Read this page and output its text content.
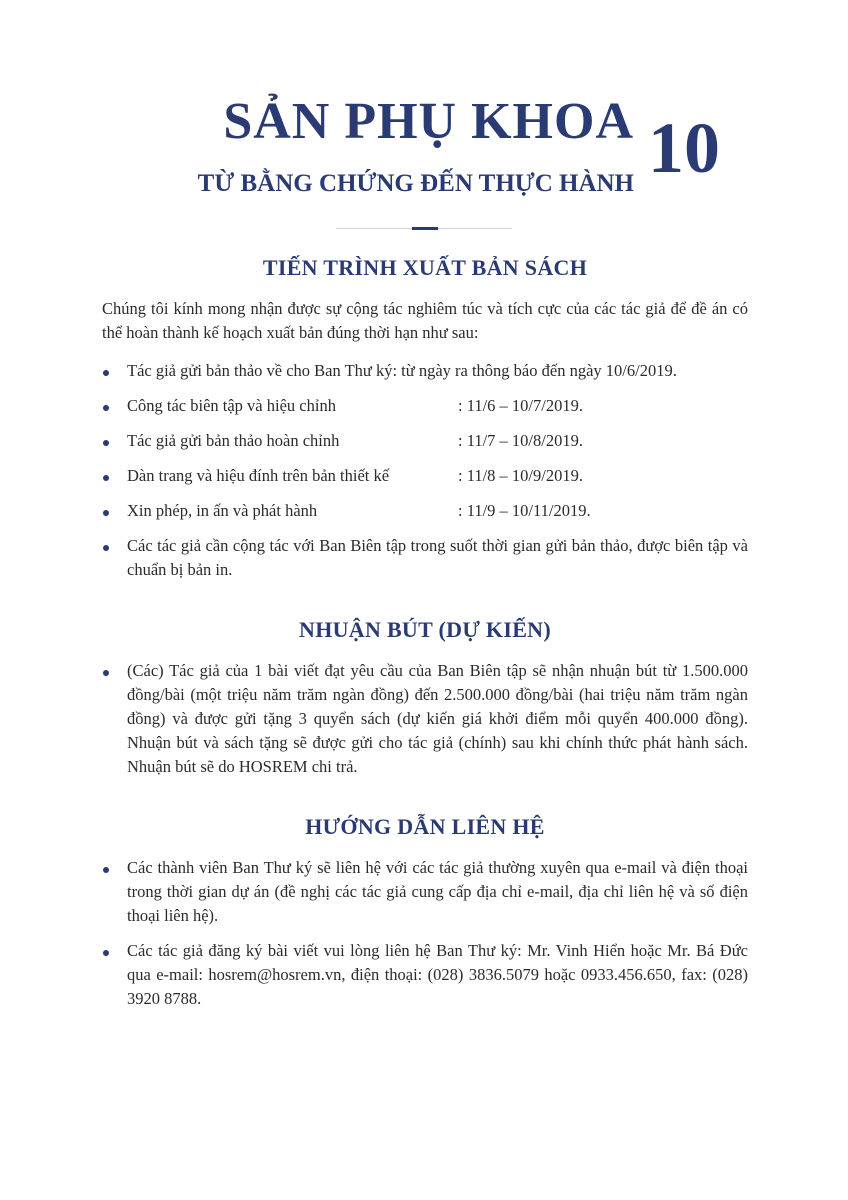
SẢN PHỤ KHOA
TỪ BẰNG CHỨNG ĐẾN THỰC HÀNH 10
TIẾN TRÌNH XUẤT BẢN SÁCH

Chúng tôi kính mong nhận được sự cộng tác nghiêm túc và tích cực của các tác giả để đề án có thể hoàn thành kế hoạch xuất bản đúng thời hạn như sau:

Tác giả gửi bản thảo về cho Ban Thư ký: từ ngày ra thông báo đến ngày 10/6/2019.
Công tác biên tập và hiệu chỉnh	: 11/6 – 10/7/2019.
Tác giả gửi bản thảo hoàn chỉnh	: 11/7 – 10/8/2019.
Dàn trang và hiệu đính trên bản thiết kế	: 11/8 – 10/9/2019.
Xin phép, in ấn và phát hành	: 11/9 – 10/11/2019.
Các tác giả cần cộng tác với Ban Biên tập trong suốt thời gian gửi bản thảo, được biên tập và chuẩn bị bản in.
NHUẬN BÚT (DỰ KIẾN)
(Các) Tác giả của 1 bài viết đạt yêu cầu của Ban Biên tập sẽ nhận nhuận bút từ 1.500.000 đồng/bài (một triệu năm trăm ngàn đồng) đến 2.500.000 đồng/bài (hai triệu năm trăm ngàn đồng) và được gửi tặng 3 quyển sách (dự kiến giá khởi điểm mỗi quyển 400.000 đồng). Nhuận bút và sách tặng sẽ được gửi cho tác giả (chính) sau khi chính thức phát hành sách. Nhuận bút sẽ do HOSREM chi trả.
HƯỚNG DẪN LIÊN HỆ
Các thành viên Ban Thư ký sẽ liên hệ với các tác giả thường xuyên qua e-mail và điện thoại trong thời gian dự án (đề nghị các tác giả cung cấp địa chỉ e-mail, địa chỉ liên hệ và số điện thoại liên hệ).
Các tác giả đăng ký bài viết vui lòng liên hệ Ban Thư ký: Mr. Vinh Hiển hoặc Mr. Bá Đức qua e-mail: hosrem@hosrem.vn, điện thoại: (028) 3836.5079 hoặc 0933.456.650, fax: (028) 3920 8788.
